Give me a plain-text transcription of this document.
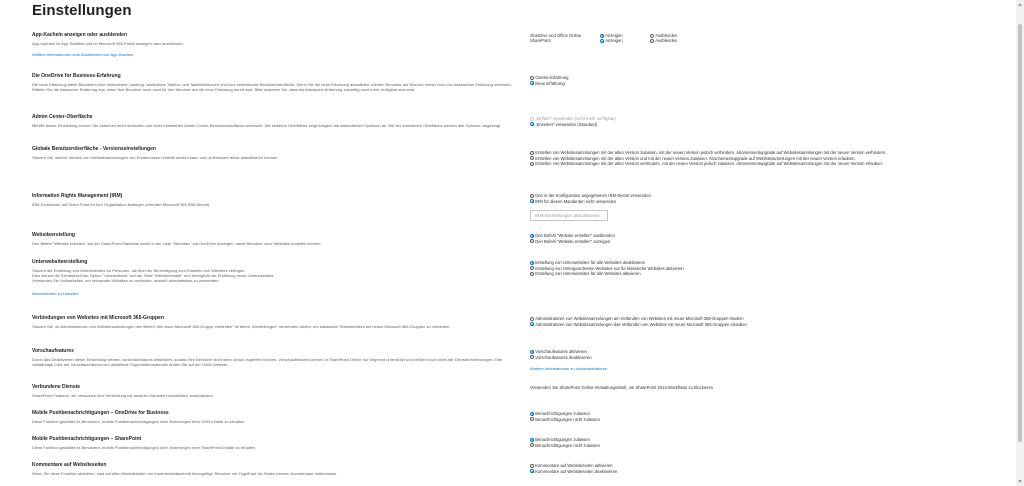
Einstellungen
App-Kacheln anzeigen oder ausblenden
App-Kacheln im App-Startfeld und im Microsoft 365-Portal anzeigen oder ausblenden.
Weitere Informationen zum Ausblenden von App-Kacheln.
OneDrive und Office Online	Anzeigen	Ausblenden
SharePoint	Anzeigen	Ausblenden
Die OneDrive for Business-Erfahrung
Die neue Erfahrung bietet Benutzern eine verbesserte Leistung, zusätzliche Telefon- und Tabletfunktionen und eine vereinfachte Benutzeroberfläche. Wenn Sie die neue Erfahrung auswählen, können Benutzer auf Wunsch immer noch zur klassischen Erfahrung wechseln. Wählen Sie die klassische Erfahrung aus, wenn Ihre Benutzer noch nicht für den Wechsel auf die neue Erfahrung bereit sind. Bitte beachten Sie, dass die klassische Erfahrung zukünftig nicht mehr verfügbar sein wird.
Classic-Erfahrung
Neue Erfahrung
Admin Center-Oberfläche
Mithilfe dieser Einstellung können Sie zwischen einer einfachen und einer erweiterten Admin Center-Benutzeroberfläche wechseln. Die einfache Oberfläche zeigt lediglich die wesentlichen Optionen an. Bei der erweiterten Oberfläche werden alle Optionen angezeigt.
„Einfach“ verwenden (nicht mehr verfügbar)
„Erweitert“ verwenden (Standard)
Globale Benutzeroberfläche - Versionseinstellungen
Steuern Sie, welche Version von Websitesammlungen von Endbenutzern erstellt werden kann und ob Benutzer diese aktualisieren können
Erstellen von Websitesammlungen mit der alten Version zulassen, mit der neuen Version jedoch verhindern. Abonnementupgrade auf Websitesammlungen mit der neuen Version verhindern.
Erstellen von Websitesammlungen mit der alten Version und mit der neuen Version zulassen. Abonnementupgrade auf Websitesammlungen mit der neuen Version erlauben.
Erstellen von Websitesammlungen mit der alten Version verhindern, mit der neuen Version jedoch zulassen. Abonnementupgrade auf Websitesammlungen mit der neuen Version erlauben.
Information Rights Management (IRM)
IRM-Funktionen auf Share Point für Ihre Organisation festlegen (erfordert Microsoft 365 IRM-Dienst)
Den in der Konfiguration angegebenen IRM-Dienst verwenden
IRM für diesen Mandanten nicht verwenden
IRM-Einstellungen aktualisieren
Websiteerstellung
Den Befehl "Website erstellen" auf der SharePoint-Startseite sowie in der Liste "Websites" auf OneDrive anzeigen, damit Benutzer neue Websites erstellen können.
Den Befehl "Website erstellen" ausblenden
Den Befehl "Website erstellen" anzeigen
Unterwebsiteerstellung
Steuern die Erstellung von Unterwebsites für Personen, die über die Berechtigung zum Erstellen von Websites verfügen.
Dies steuert die Sichtbarkeit der Option "Unterwebsite" auf der Seite "Websiteinhalte" und ermöglicht die Erstellung neuer Unterwebsites.
Verwenden Sie Hubwebsites, um verwandte Websites zu verbinden, anstatt Unterwebsites zu verwenden.
Informationen zu Hubsites
Erstellung von Unterwebsites für alle Websites deaktivieren
Erstellung von Untergeordneten Websites nur für klassische Websites aktivieren
Erstellung von Unterwebsites für alle Websites aktivieren
Verbindungen von Websites mit Microsoft 365-Gruppen
Steuern Sie, ob Administratoren von Websitesammlungen den Befehl „Mit neuer Microsoft 365-Gruppe verbinden“ im Menü „Einstellungen“ verwenden dürfen, um klassische Teamwebsites mit neuen Microsoft 365-Gruppen zu verbinden.
Administratoren von Websitesammlungen am Verbinden von Websites mit neuer Microsoft 365-Gruppen hindern
Administratoren von Websitesammlungen das Verbinden von Websites mit neuer Microsoft 365-Gruppen erlauben
Vorschaufeatures
Durch das Deaktivieren dieser Einstellung werden Vorschaufeatures deaktiviert, sodass Ihre Benutzer nicht mehr darauf zugreifen können. Vorschaufeatures werden in SharePoint Online nur begrenzt unterstützt und erfüllen noch nicht alle Dienstanforderungen. Eine vollständige Liste der Vorschaufeatures und detaillierte Supportinformationen finden Sie auf der O365-Website.
Vorschaufeatures aktivieren
Vorschaufeatures deaktivieren
Weitere Informationen zu Vorschaufeatures
Verbundene Dienste
SharePoint-Features, die versuchen eine Verbindung mit anderen Diensten herzustellen, beschränken.
Verwenden Sie SharePoint Online-Verwaltungsshell, um SharePoint 2013-Workflows zu blockieren
Mobile Pushbenachrichtigungen – OneDrive for Business
Diese Funktion gestattet es Benutzern, mobile Pushbenachrichtigungen über Änderungen ihrer ODB-Inhalte zu erhalten.
Benachrichtigungen zulassen
Benachrichtigungen nicht zulassen
Mobile Pushbenachrichtigungen – SharePoint
Diese Funktion gestattet es Benutzern, mobile Pushbenachrichtigungen über Änderungen ihrer SharePoint-Inhalte zu erhalten.
Benachrichtigungen zulassen
Benachrichtigungen nicht zulassen
Kommentare auf Websiteseiten
Wenn Sie diese Funktion aktivieren, wird auf allen Websiteseiten ein Kommentarabschnitt hinzugefügt. Benutzer mit Zugriff auf die Seiten können Kommentare hinterlassen.
Kommentare auf Websiteseiten aktivieren
Kommentare auf Websiteseiten deaktivieren
